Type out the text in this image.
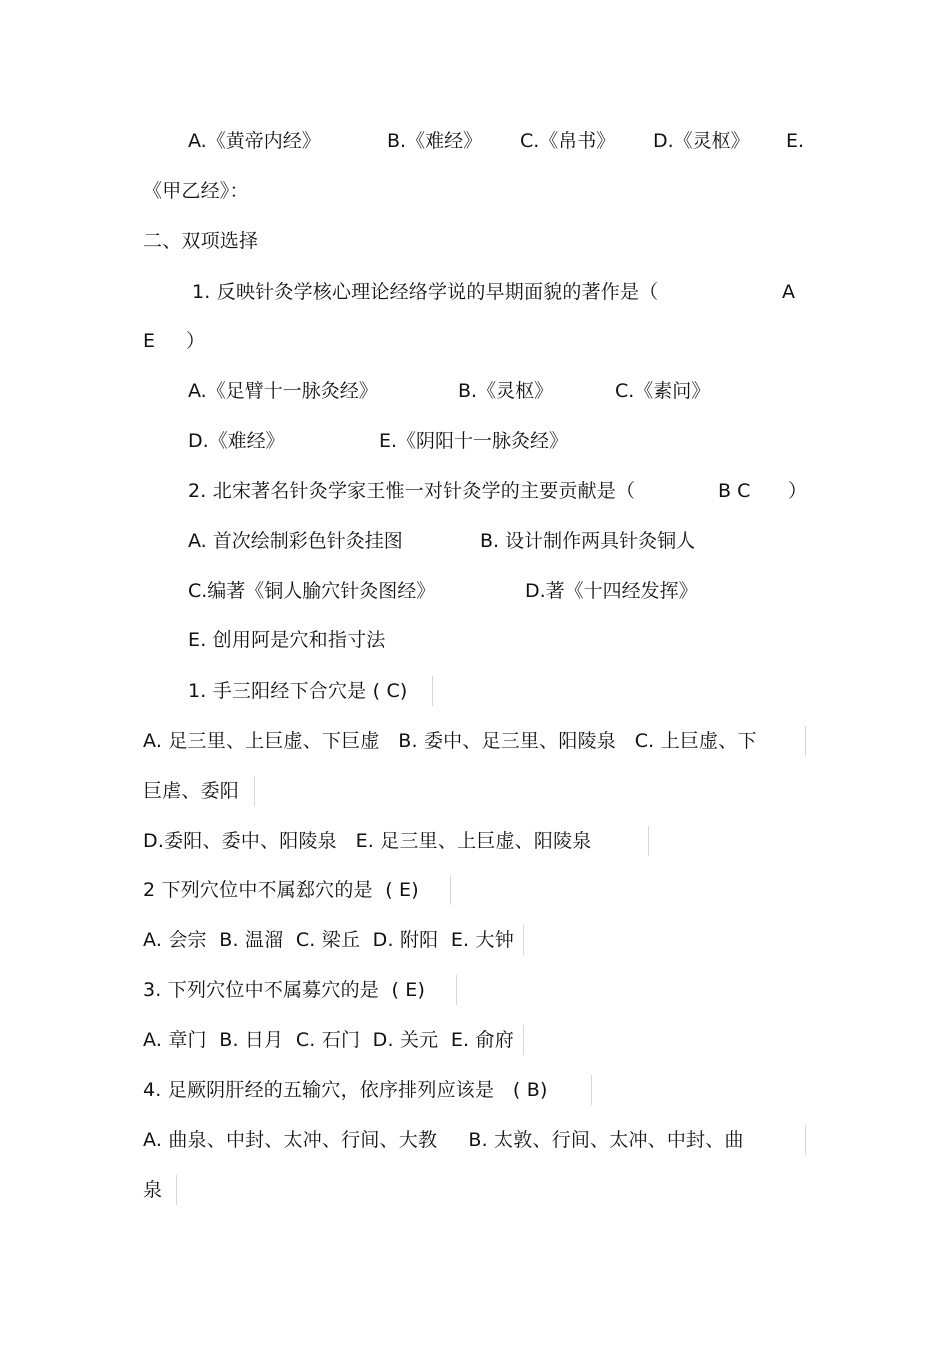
A.《黄帝内经》	B.《难经》 C.《帛书》 D.《灵枢》 E.
《甲乙经》：
二、双项选择
1. 反映针灸学核心理论经络学说的早期面貌的著作是（	A
E ）
A.《足臂十一脉灸经》	B.《灵枢》	C.《素问》
D.《难经》	E.《阴阳十一脉灸经》
2. 北宋著名针灸学家王惟一对针灸学的主要贡献是（	B C ）
A. 首次绘制彩色针灸挂图	B. 设计制作两具针灸铜人
C.编著《铜人腧穴针灸图经》	D.著《十四经发挥》
E. 创用阿是穴和指寸法
1. 手三阳经下合穴是 ( C)
A. 足三里、上巨虚、下巨虚   B. 委中、足三里、阳陵泉   C. 上巨虚、下
巨虐、委阳
D.委阳、委中、阳陵泉   E. 足三里、上巨虚、阳陵泉
2 下列穴位中不属郄穴的是  ( E)
A. 会宗  B. 温溜  C. 梁丘  D. 附阳  E. 大钟
3. 下列穴位中不属募穴的是  ( E)
A. 章门  B. 日月  C. 石门  D. 关元  E. 俞府
4. 足厥阴肝经的五输穴，依序排列应该是   ( B)
A. 曲泉、中封、太冲、行间、大教     B. 太敦、行间、太冲、中封、曲
泉
